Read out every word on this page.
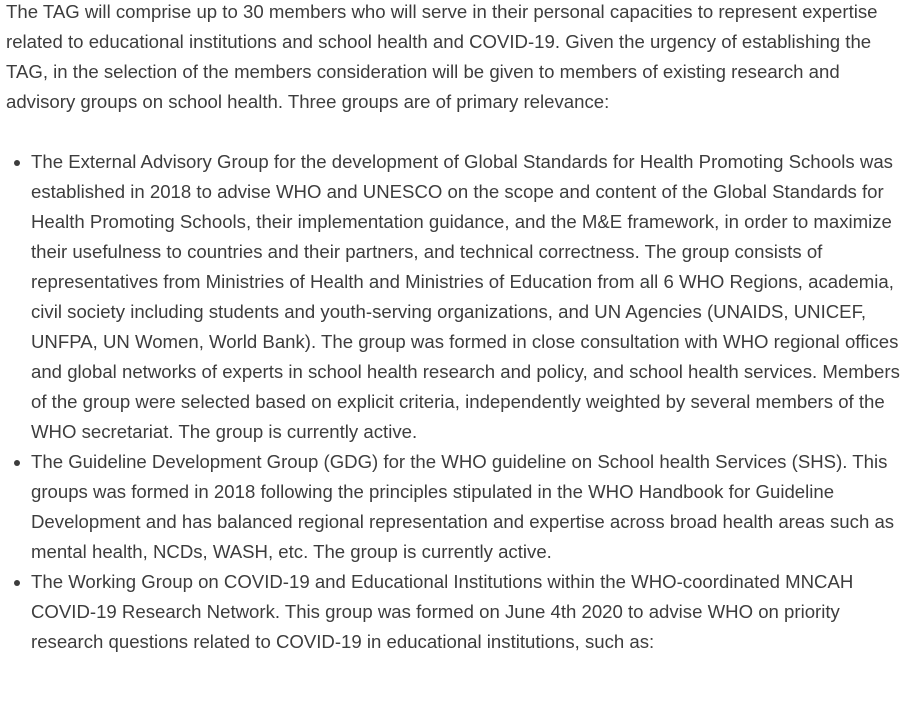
The TAG will comprise up to 30 members who will serve in their personal capacities to represent expertise related to educational institutions and school health and COVID-19. Given the urgency of establishing the TAG, in the selection of the members consideration will be given to members of existing research and advisory groups on school health. Three groups are of primary relevance:

The External Advisory Group for the development of Global Standards for Health Promoting Schools was established in 2018 to advise WHO and UNESCO on the scope and content of the Global Standards for Health Promoting Schools, their implementation guidance, and the M&E framework, in order to maximize their usefulness to countries and their partners, and technical correctness. The group consists of representatives from Ministries of Health and Ministries of Education from all 6 WHO Regions, academia, civil society including students and youth-serving organizations, and UN Agencies (UNAIDS, UNICEF, UNFPA, UN Women, World Bank). The group was formed in close consultation with WHO regional offices and global networks of experts in school health research and policy, and school health services. Members of the group were selected based on explicit criteria, independently weighted by several members of the WHO secretariat. The group is currently active.
The Guideline Development Group (GDG) for the WHO guideline on School health Services (SHS). This groups was formed in 2018 following the principles stipulated in the WHO Handbook for Guideline Development and has balanced regional representation and expertise across broad health areas such as mental health, NCDs, WASH, etc. The group is currently active.
The Working Group on COVID-19 and Educational Institutions within the WHO-coordinated MNCAH COVID-19 Research Network. This group was formed on June 4th 2020 to advise WHO on priority research questions related to COVID-19 in educational institutions, such as:
